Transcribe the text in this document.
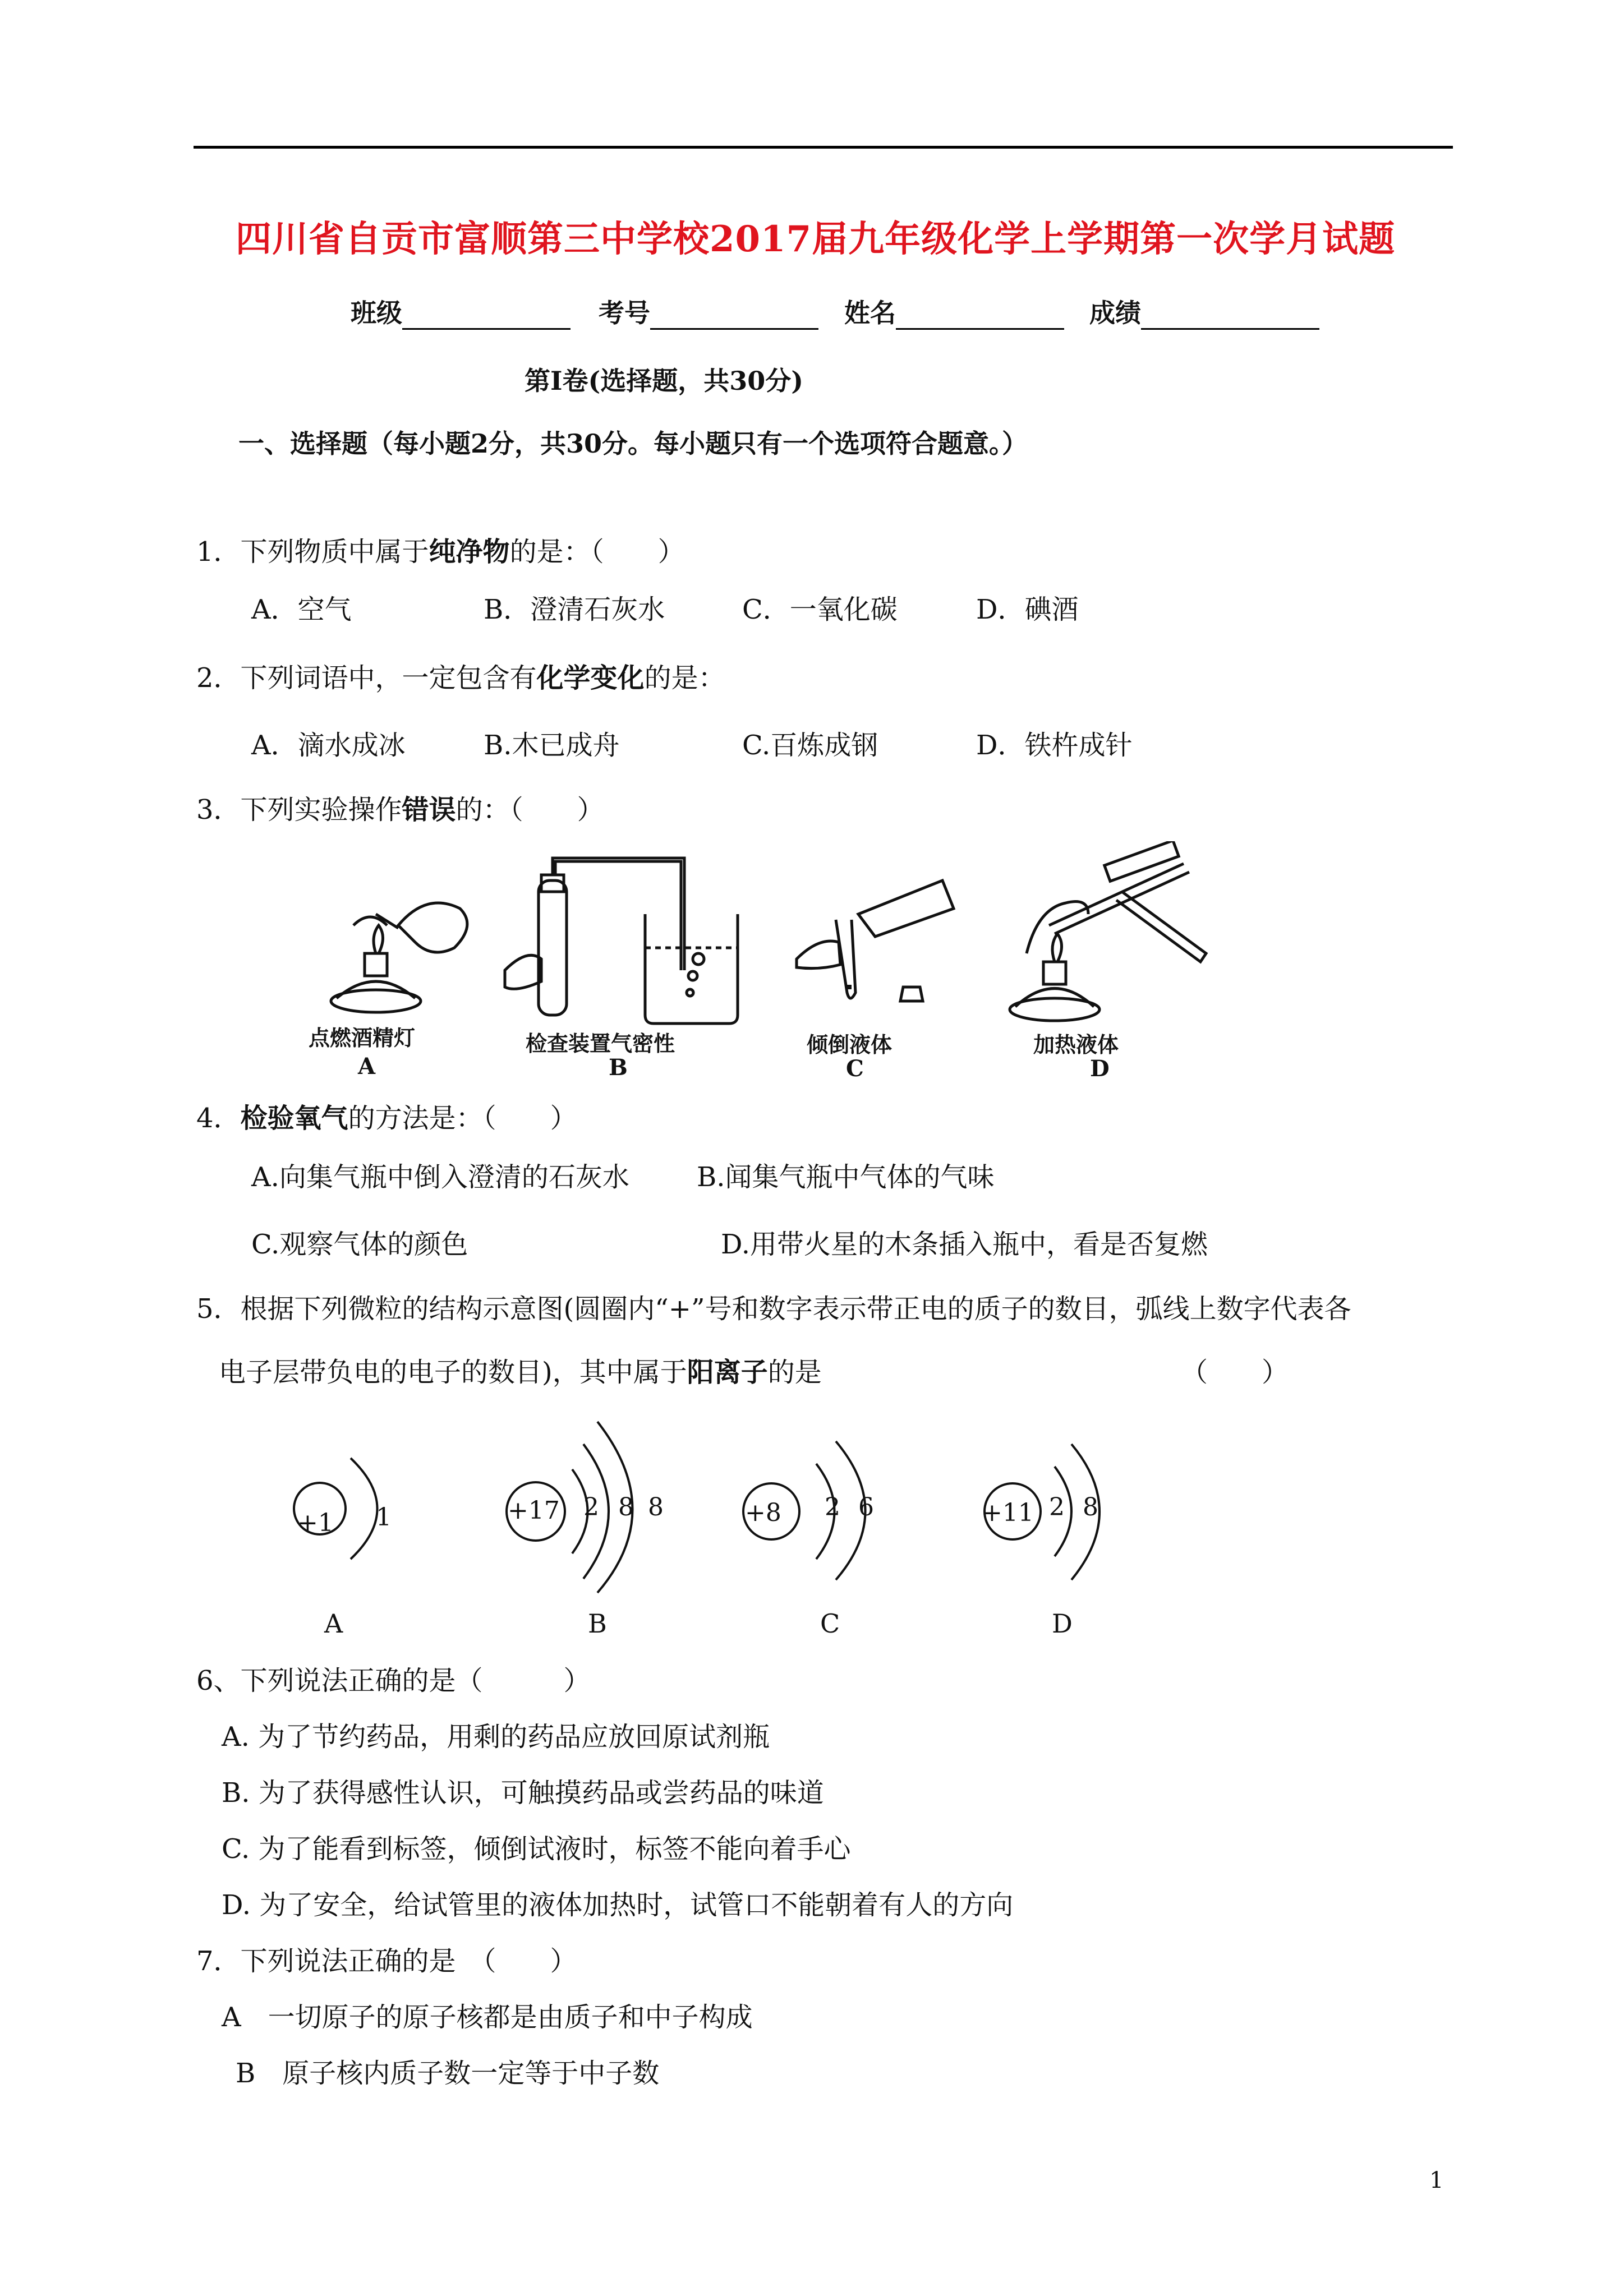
四川省自贡市富顺第三中学校2017届九年级化学上学期第一次学月试题
班级	考号	姓名	成绩
第Ⅰ卷(选择题，共30分)
一、选择题（每小题2分，共30分。每小题只有一个选项符合题意。）
1．下列物质中属于纯净物的是：（　　）
A．空气	B．澄清石灰水	C．一氧化碳	D．碘酒
2．下列词语中，一定包含有化学变化的是：
A．滴水成冰	B.木已成舟	C.百炼成钢	D．铁杵成针
3．下列实验操作错误的：（　　）
点燃酒精灯
A
检查装置气密性
B
倾倒液体
C
加热液体
D
4．检验氧气的方法是：（　　）
A.向集气瓶中倒入澄清的石灰水	B.闻集气瓶中气体的气味
C.观察气体的颜色	D.用带火星的木条插入瓶中，看是否复燃
5．根据下列微粒的结构示意图(圆圈内“+”号和数字表示带正电的质子的数目，弧线上数字代表各
电子层带负电的电子的数目)，其中属于阳离子的是	（　　）
+1 1
A
+17 2 8 8
B
+8 2 6
C
+11 2 8
D
6、下列说法正确的是（　　　）
A. 为了节约药品，用剩的药品应放回原试剂瓶
B. 为了获得感性认识，可触摸药品或尝药品的味道
C. 为了能看到标签，倾倒试液时，标签不能向着手心
D. 为了安全，给试管里的液体加热时，试管口不能朝着有人的方向
7．下列说法正确的是　（　　）
A　一切原子的原子核都是由质子和中子构成
B　原子核内质子数一定等于中子数
1
